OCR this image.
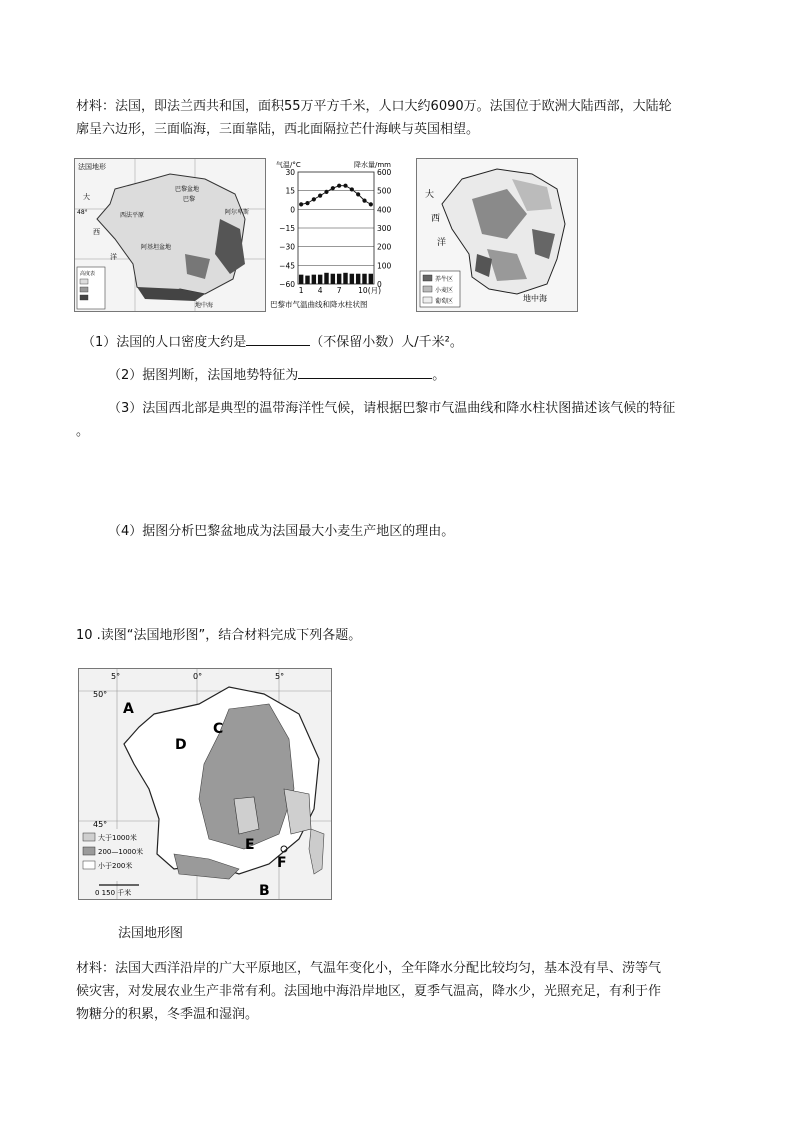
材料：法国，即法兰西共和国，面积55万平方千米，人口大约6090万。法国位于欧洲大陆西部，大陆轮
廓呈六边形，三面临海，三面靠陆，西北面隔拉芒什海峡与英国相望。
法国地形
大
西
洋
巴黎盆地
巴黎
西法平原
48°
阿基坦盆地
阿尔卑斯
地中海
高度表
气温/°C	降水量/mm
30
15
0
−15
−30
−45
−60
600
500
400
300
200
100
0
1 4 7 10(月)
巴黎市气温曲线和降水柱状图
大
西
洋
地中海
养牛区
小麦区
葡萄区
（1）法国的人口密度大约是	（不保留小数）人/千米²。
（2）据图判断，法国地势特征为	。
（3）法国西北部是典型的温带海洋性气候，请根据巴黎市气温曲线和降水柱状图描述该气候的特征
。
（4）据图分析巴黎盆地成为法国最大小麦生产地区的理由。
10 .读图“法国地形图”，结合材料完成下列各题。
5°	0°	5°
50°
45°
A
B
C
D
E
F
大于1000米
200—1000米
小于200米
0 150 千米
法国地形图
材料：法国大西洋沿岸的广大平原地区，气温年变化小，全年降水分配比较均匀，基本没有旱、涝等气
候灾害，对发展农业生产非常有利。法国地中海沿岸地区，夏季气温高，降水少，光照充足，有利于作
物糖分的积累，冬季温和湿润。
